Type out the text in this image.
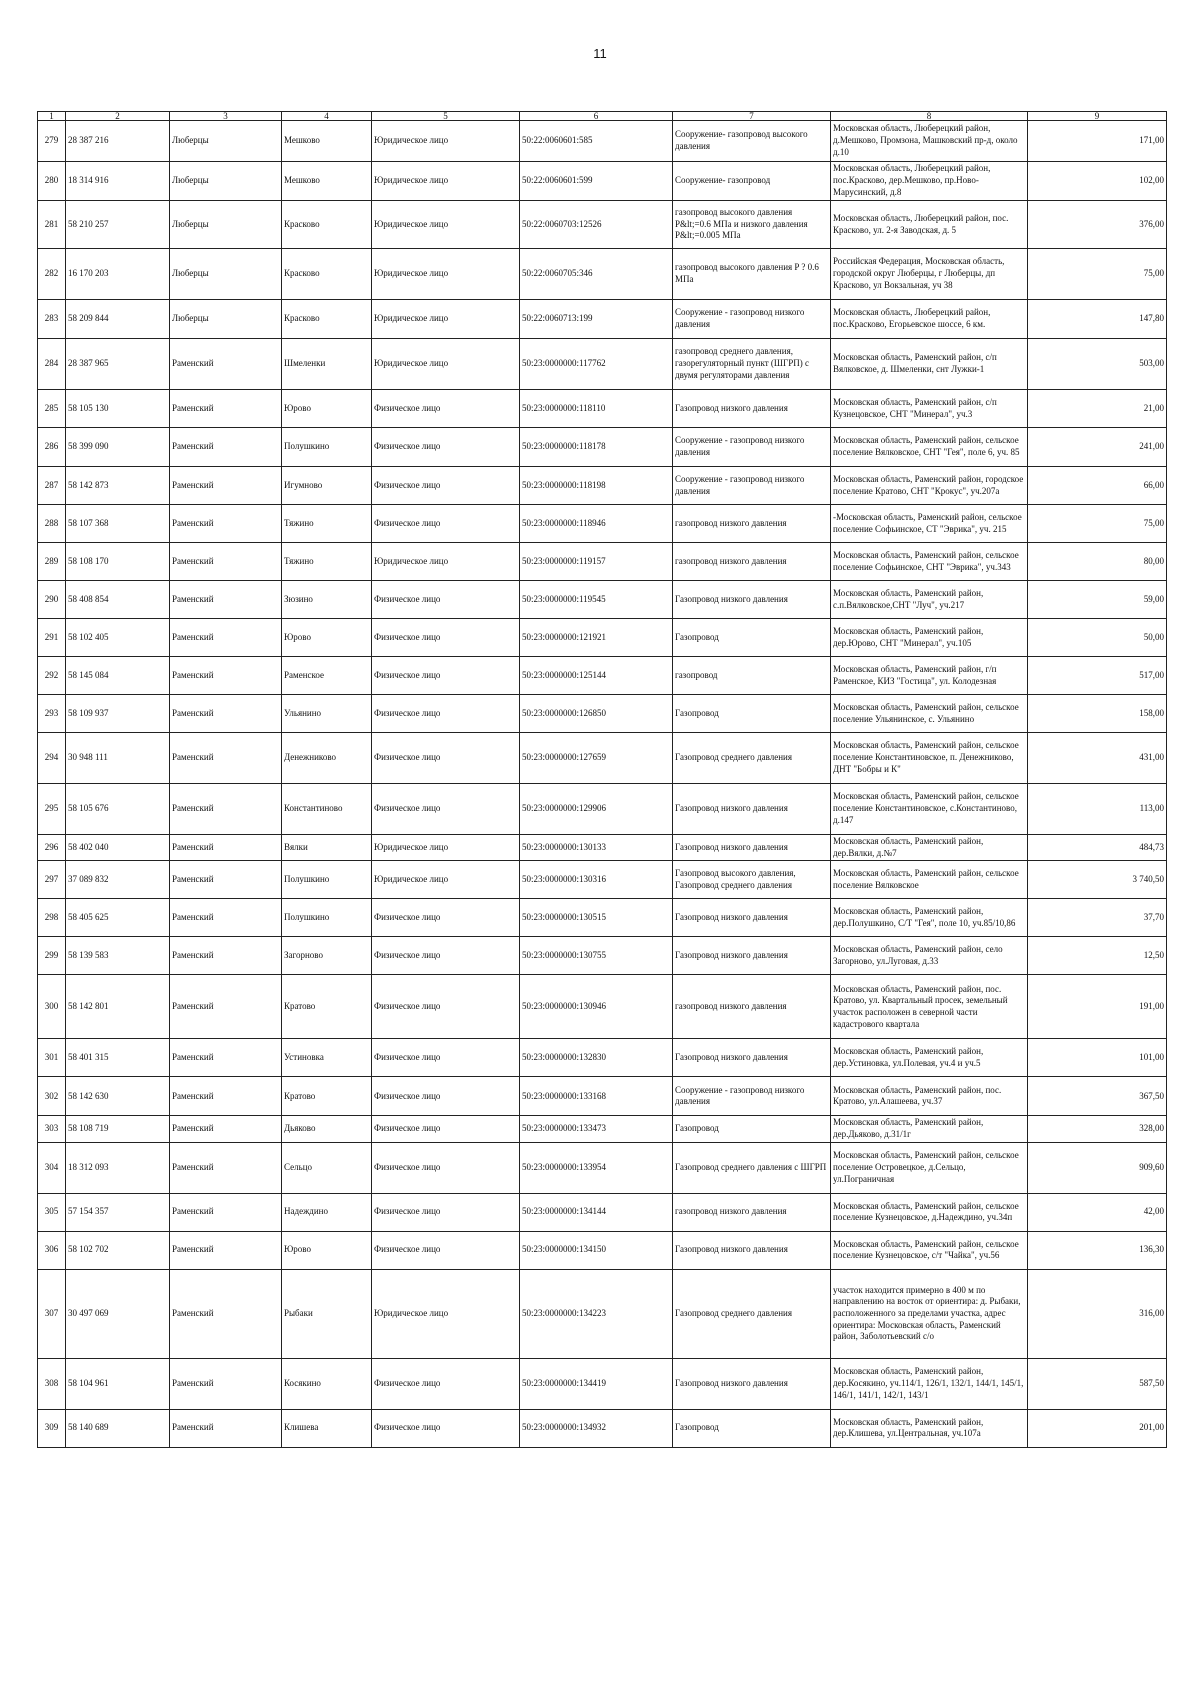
11
1	2	3	4	5	6	7	8	9
279	28 387 216	Люберцы	Мешково	Юридическое лицо	50:22:0060601:585	Сооружение- газопровод высокого давления	Московская область, Люберецкий район, д.Мешково, Промзона, Машковский пр-д, около д.10	171,00
280	18 314 916	Люберцы	Мешково	Юридическое лицо	50:22:0060601:599	Сооружение- газопровод	Московская область, Люберецкий район, пос.Красково, дер.Мешково, пр.Ново-Марусинский, д.8	102,00
281	58 210 257	Люберцы	Красково	Юридическое лицо	50:22:0060703:12526	газопровод высокого давления P&lt;=0.6 МПа и низкого давления P&lt;=0.005 МПа	Московская область, Люберецкий район, пос. Красково, ул. 2-я Заводская, д. 5	376,00
282	16 170 203	Люберцы	Красково	Юридическое лицо	50:22:0060705:346	газопровод высокого давления P ? 0.6 МПа	Российская Федерация, Московская область, городской округ Люберцы, г Люберцы, дп Красково, ул Вокзальная, уч 38	75,00
283	58 209 844	Люберцы	Красково	Юридическое лицо	50:22:0060713:199	Сооружение - газопровод низкого давления	Московская область, Люберецкий район, пос.Красково, Егорьевское шоссе, 6 км.	147,80
284	28 387 965	Раменский	Шмеленки	Юридическое лицо	50:23:0000000:117762	газопровод среднего давления, газорегуляторный пункт (ШГРП) с двумя регуляторами давления	Московская область, Раменский район, с/п Вялковское, д. Шмеленки, снт Лужки-1	503,00
285	58 105 130	Раменский	Юрово	Физическое лицо	50:23:0000000:118110	Газопровод низкого давления	Московская область, Раменский район, с/п Кузнецовское, СНТ "Минерал", уч.3	21,00
286	58 399 090	Раменский	Полушкино	Физическое лицо	50:23:0000000:118178	Сооружение - газопровод низкого давления	Московская область, Раменский район, сельское поселение Вялковское, СНТ "Гея", поле 6, уч. 85	241,00
287	58 142 873	Раменский	Игумново	Физическое лицо	50:23:0000000:118198	Сооружение - газопровод низкого давления	Московская область, Раменский район, городское поселение Кратово, СНТ "Крокус", уч.207а	66,00
288	58 107 368	Раменский	Тяжино	Физическое лицо	50:23:0000000:118946	газопровод низкого давления	-Московская область, Раменский район, сельское поселение Софьинское, СТ "Эврика", уч. 215	75,00
289	58 108 170	Раменский	Тяжино	Юридическое лицо	50:23:0000000:119157	газопровод низкого давления	Московская область, Раменский район, сельское поселение Софьинское, СНТ "Эврика", уч.343	80,00
290	58 408 854	Раменский	Зюзино	Физическое лицо	50:23:0000000:119545	Газопровод низкого давления	Московская область, Раменский район, с.п.Вялковское,СНТ "Луч", уч.217	59,00
291	58 102 405	Раменский	Юрово	Физическое лицо	50:23:0000000:121921	Газопровод	Московская область, Раменский район, дер.Юрово, СНТ "Минерал", уч.105	50,00
292	58 145 084	Раменский	Раменское	Физическое лицо	50:23:0000000:125144	газопровод	Московская область, Раменский район, г/п Раменское, КИЗ "Гостица", ул. Колодезная	517,00
293	58 109 937	Раменский	Ульянино	Физическое лицо	50:23:0000000:126850	Газопровод	Московская область, Раменский район, сельское поселение Ульянинское, с. Ульянино	158,00
294	30 948 111	Раменский	Денежниково	Физическое лицо	50:23:0000000:127659	Газопровод среднего давления	Московская область, Раменский район, сельское поселение Константиновское, п. Денежниково, ДНТ "Бобры и К"	431,00
295	58 105 676	Раменский	Константиново	Физическое лицо	50:23:0000000:129906	Газопровод низкого давления	Московская область, Раменский район, сельское поселение Константиновское, с.Константиново, д.147	113,00
296	58 402 040	Раменский	Вялки	Юридическое лицо	50:23:0000000:130133	Газопровод низкого давления	Московская область, Раменский район, дер.Вялки, д.№7	484,73
297	37 089 832	Раменский	Полушкино	Юридическое лицо	50:23:0000000:130316	Газопровод высокого давления, Газопровод среднего давления	Московская область, Раменский район, сельское поселение Вялковское	3 740,50
298	58 405 625	Раменский	Полушкино	Физическое лицо	50:23:0000000:130515	Газопровод низкого давления	Московская область, Раменский район, дер.Полушкино, С/Т "Гея", поле 10, уч.85/10,86	37,70
299	58 139 583	Раменский	Загорново	Физическое лицо	50:23:0000000:130755	Газопровод низкого давления	Московская область, Раменский район, село Загорново, ул.Луговая, д.33	12,50
300	58 142 801	Раменский	Кратово	Физическое лицо	50:23:0000000:130946	газопровод низкого давления	Московская область, Раменский район, пос. Кратово, ул. Квартальный просек, земельный участок расположен в северной части кадастрового квартала	191,00
301	58 401 315	Раменский	Устиновка	Физическое лицо	50:23:0000000:132830	Газопровод низкого давления	Московская область, Раменский район, дер.Устиновка, ул.Полевая, уч.4 и уч.5	101,00
302	58 142 630	Раменский	Кратово	Физическое лицо	50:23:0000000:133168	Сооружение - газопровод низкого давления	Московская область, Раменский район, пос. Кратово, ул.Алашеева, уч.37	367,50
303	58 108 719	Раменский	Дьяково	Физическое лицо	50:23:0000000:133473	Газопровод	Московская область, Раменский район, дер.Дьяково, д.31/1г	328,00
304	18 312 093	Раменский	Сельцо	Физическое лицо	50:23:0000000:133954	Газопровод среднего давления с ШГРП	Московская область, Раменский район, сельское поселение Островецкое, д.Сельцо, ул.Пограничная	909,60
305	57 154 357	Раменский	Надеждино	Физическое лицо	50:23:0000000:134144	газопровод низкого давления	Московская область, Раменский район, сельское поселение Кузнецовское, д.Надеждино, уч.34п	42,00
306	58 102 702	Раменский	Юрово	Физическое лицо	50:23:0000000:134150	Газопровод низкого давления	Московская область, Раменский район, сельское поселение Кузнецовское, с/т "Чайка", уч.56	136,30
307	30 497 069	Раменский	Рыбаки	Юридическое лицо	50:23:0000000:134223	Газопровод среднего давления	участок находится примерно в 400 м по направлению на восток от ориентира: д. Рыбаки, расположенного за пределами участка, адрес ориентира: Московская область, Раменский район, Заболотьевский с/о	316,00
308	58 104 961	Раменский	Косякино	Физическое лицо	50:23:0000000:134419	Газопровод низкого давления	Московская область, Раменский район, дер.Косякино, уч.114/1, 126/1, 132/1, 144/1, 145/1, 146/1, 141/1, 142/1, 143/1	587,50
309	58 140 689	Раменский	Клишева	Физическое лицо	50:23:0000000:134932	Газопровод	Московская область, Раменский район, дер.Клишева, ул.Центральная, уч.107а	201,00
